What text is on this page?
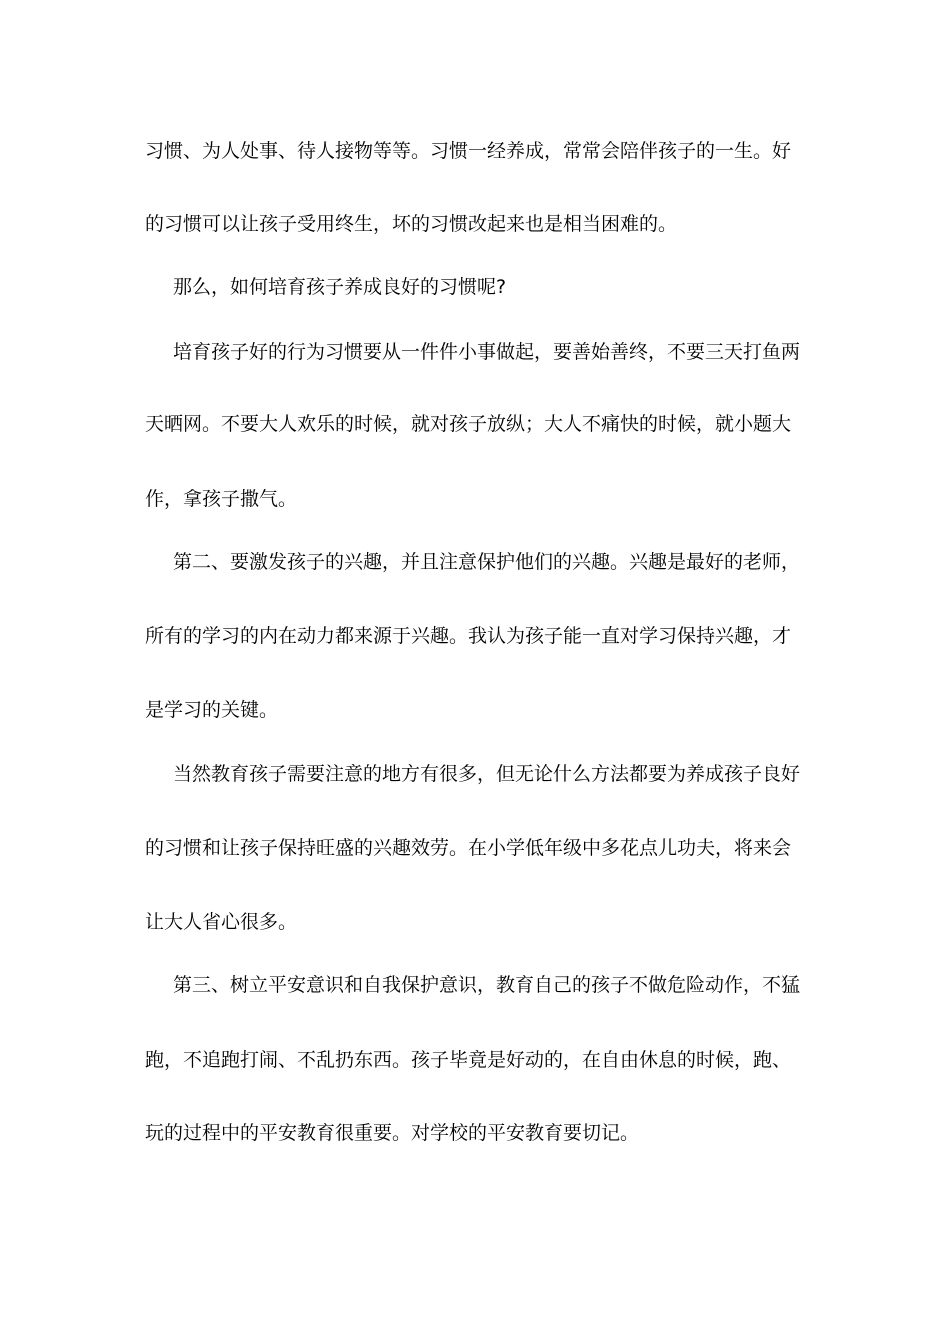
习惯、为人处事、待人接物等等。习惯一经养成，常常会陪伴孩子的一生。好
的习惯可以让孩子受用终生，坏的习惯改起来也是相当困难的。
那么，如何培育孩子养成良好的习惯呢?
培育孩子好的行为习惯要从一件件小事做起，要善始善终，不要三天打鱼两
天晒网。不要大人欢乐的时候，就对孩子放纵；大人不痛快的时候，就小题大
作，拿孩子撒气。
第二、要激发孩子的兴趣，并且注意保护他们的兴趣。兴趣是最好的老师，
所有的学习的内在动力都来源于兴趣。我认为孩子能一直对学习保持兴趣，才
是学习的关键。
当然教育孩子需要注意的地方有很多，但无论什么方法都要为养成孩子良好
的习惯和让孩子保持旺盛的兴趣效劳。在小学低年级中多花点儿功夫，将来会
让大人省心很多。
第三、树立平安意识和自我保护意识，教育自己的孩子不做危险动作，不猛
跑，不追跑打闹、不乱扔东西。孩子毕竟是好动的，在自由休息的时候，跑、
玩的过程中的平安教育很重要。对学校的平安教育要切记。
